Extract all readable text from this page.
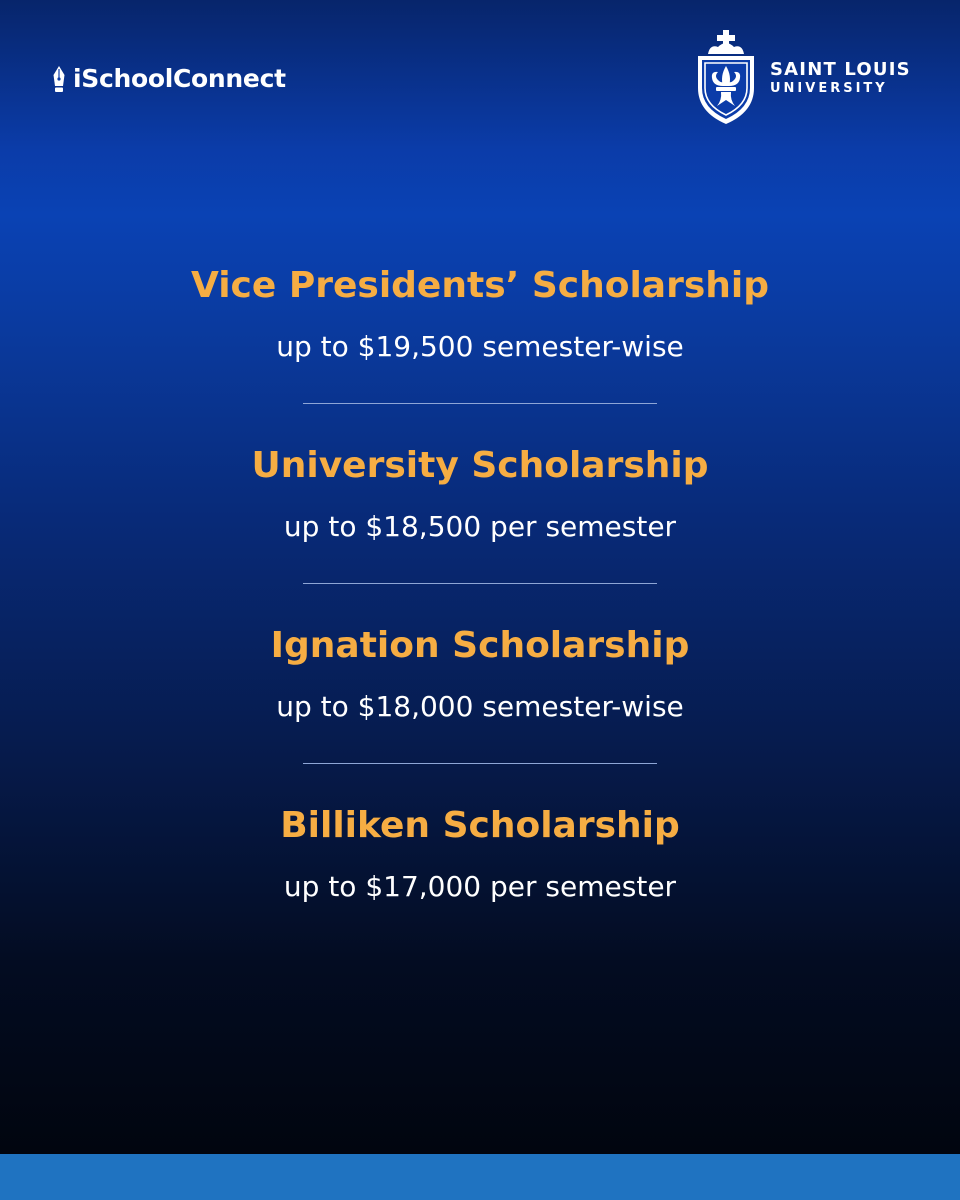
iSchoolConnect	SAINT LOUIS
UNIVERSITY
Vice Presidents’ Scholarship
up to $19,500 semester-wise
University Scholarship
up to $18,500 per semester
Ignation Scholarship
up to $18,000 semester-wise
Billiken Scholarship
up to $17,000 per semester
